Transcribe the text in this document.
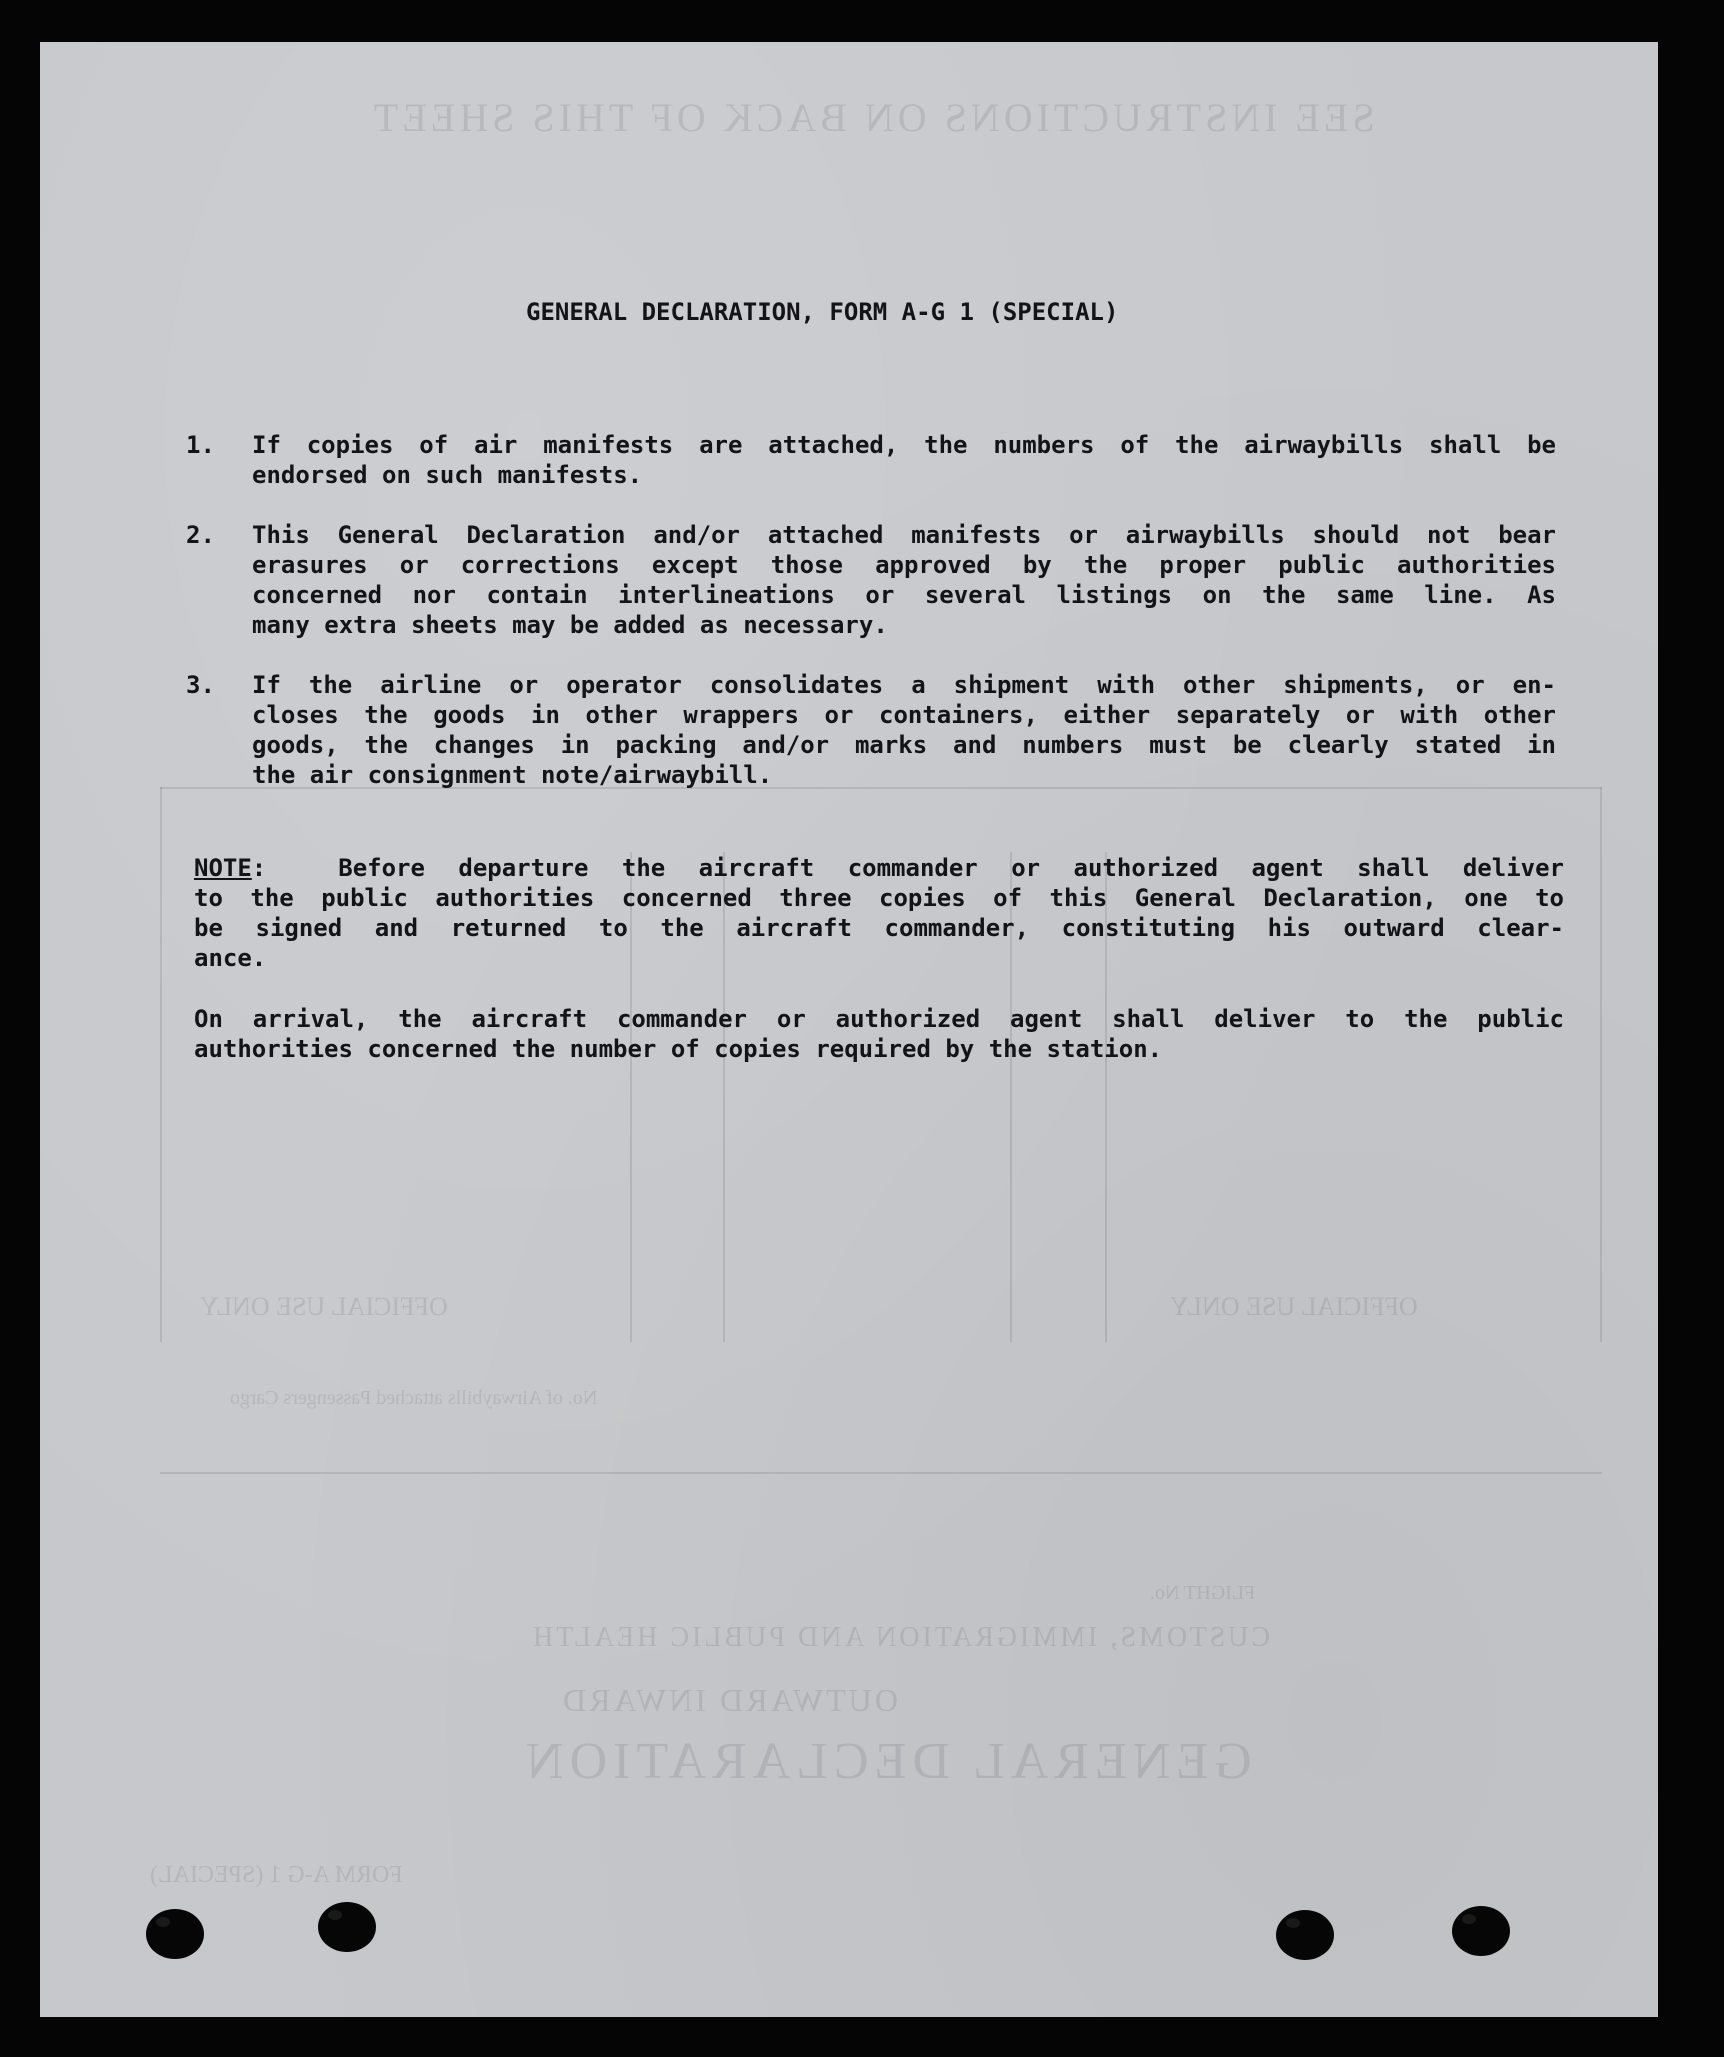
SEE INSTRUCTIONS ON BACK OF THIS SHEET
GENERAL DECLARATION
OUTWARD INWARD
CUSTOMS, IMMIGRATION AND PUBLIC HEALTH
OFFICIAL USE ONLY	OFFICIAL USE ONLY
FORM A-G 1 (SPECIAL)
No. of Airwaybills attached Passengers Cargo
FLIGHT No.
GENERAL DECLARATION, FORM A-G 1 (SPECIAL)
1.	If copies of air manifests are attached, the numbers of the airwaybills shall be
endorsed on such manifests.
2.	This General Declaration and/or attached manifests or airwaybills should not bear
erasures or corrections except those approved by the proper public authorities
concerned nor contain interlineations or several listings on the same line. As
many extra sheets may be added as necessary.
3.	If the airline or operator consolidates a shipment with other shipments, or en-
closes the goods in other wrappers or containers, either separately or with other
goods, the changes in packing and/or marks and numbers must be clearly stated in
the air consignment note/airwaybill.
NOTE:	Before departure the aircraft commander or authorized agent shall deliver
to the public authorities concerned three copies of this General Declaration, one to
be signed and returned to the aircraft commander, constituting his outward clear-
ance.
On arrival, the aircraft commander or authorized agent shall deliver to the public
authorities concerned the number of copies required by the station.
